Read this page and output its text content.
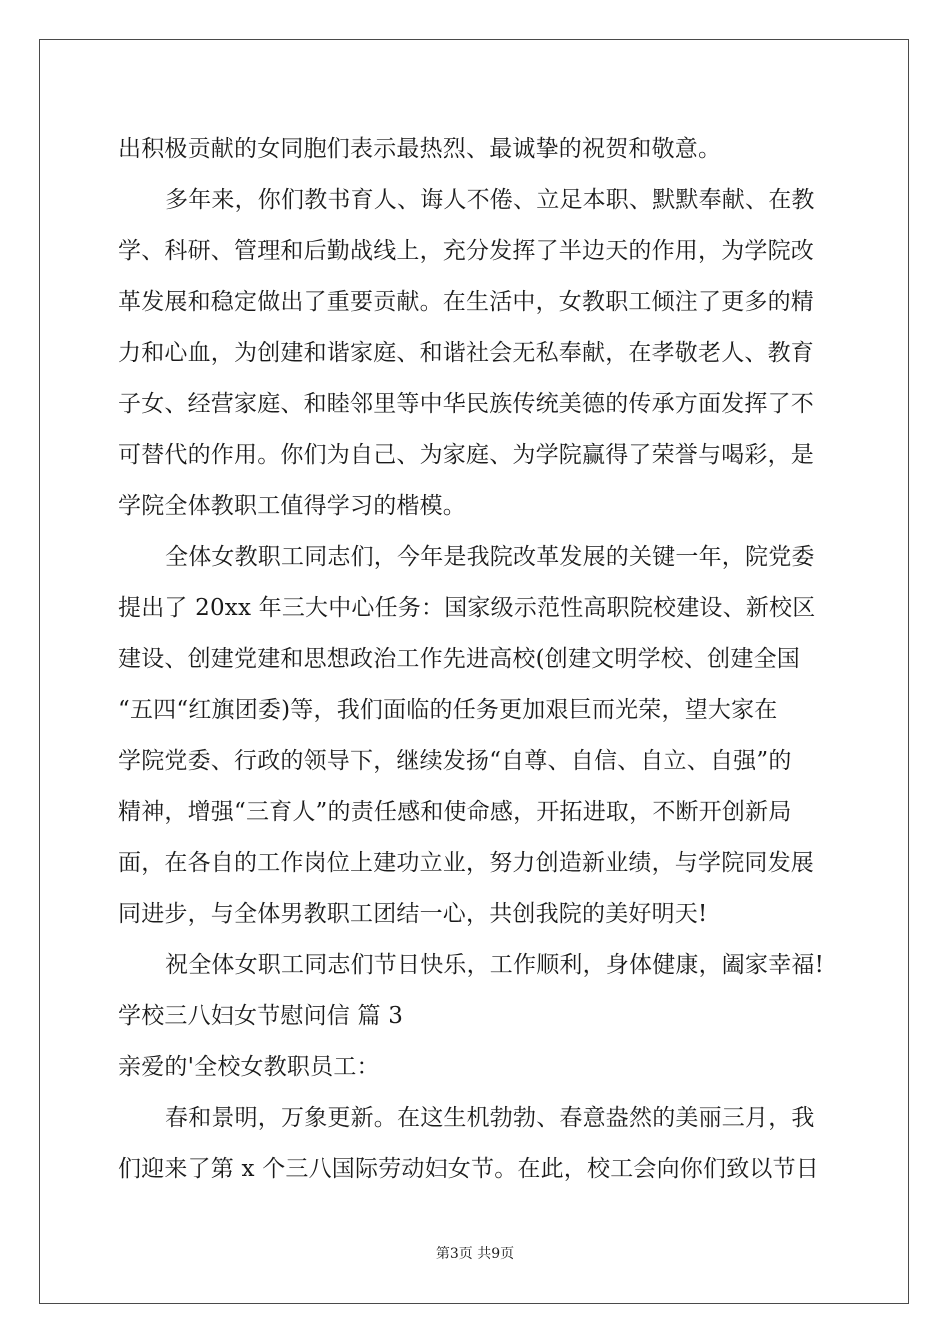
出积极贡献的女同胞们表示最热烈、最诚挚的祝贺和敬意。
多年来，你们教书育人、诲人不倦、立足本职、默默奉献、在教
学、科研、管理和后勤战线上，充分发挥了半边天的作用，为学院改
革发展和稳定做出了重要贡献。在生活中，女教职工倾注了更多的精
力和心血，为创建和谐家庭、和谐社会无私奉献，在孝敬老人、教育
子女、经营家庭、和睦邻里等中华民族传统美德的传承方面发挥了不
可替代的作用。你们为自己、为家庭、为学院赢得了荣誉与喝彩，是
学院全体教职工值得学习的楷模。
全体女教职工同志们，今年是我院改革发展的关键一年，院党委
提出了 20xx 年三大中心任务：国家级示范性高职院校建设、新校区
建设、创建党建和思想政治工作先进高校(创建文明学校、创建全国
“五四“红旗团委)等，我们面临的任务更加艰巨而光荣，望大家在
学院党委、行政的领导下，继续发扬“自尊、自信、自立、自强”的
精神，增强“三育人”的责任感和使命感，开拓进取，不断开创新局
面，在各自的工作岗位上建功立业，努力创造新业绩，与学院同发展
同进步，与全体男教职工团结一心，共创我院的美好明天!
祝全体女职工同志们节日快乐，工作顺利，身体健康，阖家幸福!
学校三八妇女节慰问信 篇 3
亲爱的'全校女教职员工：
春和景明，万象更新。在这生机勃勃、春意盎然的美丽三月，我
们迎来了第 x 个三八国际劳动妇女节。在此，校工会向你们致以节日
第3页 共9页
